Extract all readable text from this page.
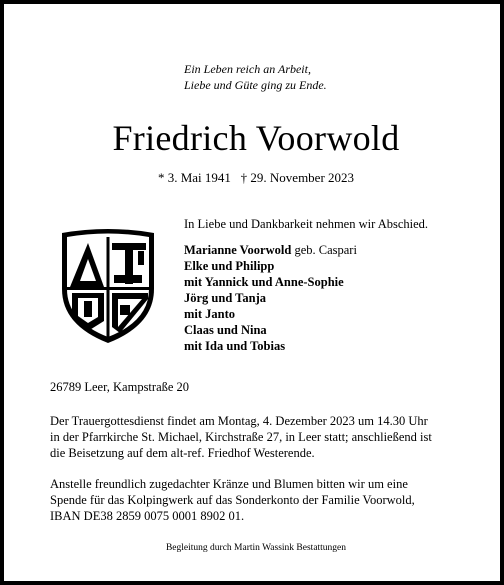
Ein Leben reich an Arbeit,
Liebe und Güte ging zu Ende.
Friedrich Voorwold
* 3. Mai 1941 † 29. November 2023
In Liebe und Dankbarkeit nehmen wir Abschied.
Marianne Voorwold geb. Caspari
Elke und Philipp
mit Yannick und Anne-Sophie
Jörg und Tanja
mit Janto
Claas und Nina
mit Ida und Tobias
26789 Leer, Kampstraße 20
Der Trauergottesdienst findet am Montag, 4. Dezember 2023 um 14.30 Uhr
in der Pfarrkirche St. Michael, Kirchstraße 27, in Leer statt; anschließend ist
die Beisetzung auf dem alt-ref. Friedhof Westerende.
Anstelle freundlich zugedachter Kränze und Blumen bitten wir um eine
Spende für das Kolpingwerk auf das Sonderkonto der Familie Voorwold,
IBAN DE38 2859 0075 0001 8902 01.
Begleitung durch Martin Wassink Bestattungen
